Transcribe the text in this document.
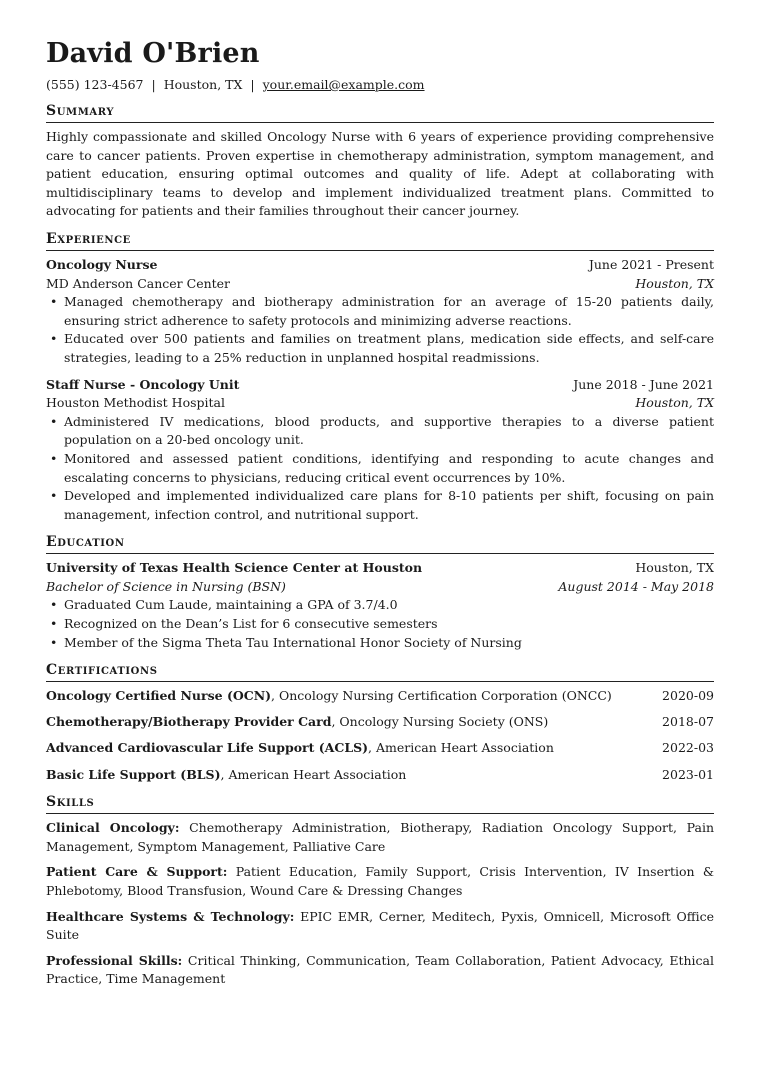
David O'Brien
(555) 123-4567 | Houston, TX | your.email@example.com
Summary

Highly compassionate and skilled Oncology Nurse with 6 years of experience providing comprehensive care to cancer patients. Proven expertise in chemotherapy administration, symptom management, and patient education, ensuring optimal outcomes and quality of life. Adept at collaborating with multidisciplinary teams to develop and implement individualized treatment plans. Committed to advocating for patients and their families throughout their cancer journey.

Experience
Oncology Nurse	June 2021 - Present
MD Anderson Cancer Center	Houston, TX
• Managed chemotherapy and biotherapy administration for an average of 15-20 patients daily, ensuring strict adherence to safety protocols and minimizing adverse reactions.
• Educated over 500 patients and families on treatment plans, medication side effects, and self-care strategies, leading to a 25% reduction in unplanned hospital readmissions.
Staff Nurse - Oncology Unit	June 2018 - June 2021
Houston Methodist Hospital	Houston, TX
• Administered IV medications, blood products, and supportive therapies to a diverse patient population on a 20-bed oncology unit.
• Monitored and assessed patient conditions, identifying and responding to acute changes and escalating concerns to physicians, reducing critical event occurrences by 10%.
• Developed and implemented individualized care plans for 8-10 patients per shift, focusing on pain management, infection control, and nutritional support.
Education
University of Texas Health Science Center at Houston	Houston, TX
Bachelor of Science in Nursing (BSN)	August 2014 - May 2018
• Graduated Cum Laude, maintaining a GPA of 3.7/4.0
• Recognized on the Dean’s List for 6 consecutive semesters
• Member of the Sigma Theta Tau International Honor Society of Nursing
Certifications
Oncology Certified Nurse (OCN), Oncology Nursing Certification Corporation (ONCC)	2020-09
Chemotherapy/Biotherapy Provider Card, Oncology Nursing Society (ONS)	2018-07
Advanced Cardiovascular Life Support (ACLS), American Heart Association	2022-03
Basic Life Support (BLS), American Heart Association	2023-01
Skills
Clinical Oncology: Chemotherapy Administration, Biotherapy, Radiation Oncology Support, Pain Management, Symptom Management, Palliative Care
Patient Care & Support: Patient Education, Family Support, Crisis Intervention, IV Insertion & Phlebotomy, Blood Transfusion, Wound Care & Dressing Changes
Healthcare Systems & Technology: EPIC EMR, Cerner, Meditech, Pyxis, Omnicell, Microsoft Office Suite
Professional Skills: Critical Thinking, Communication, Team Collaboration, Patient Advocacy, Ethical Practice, Time Management
